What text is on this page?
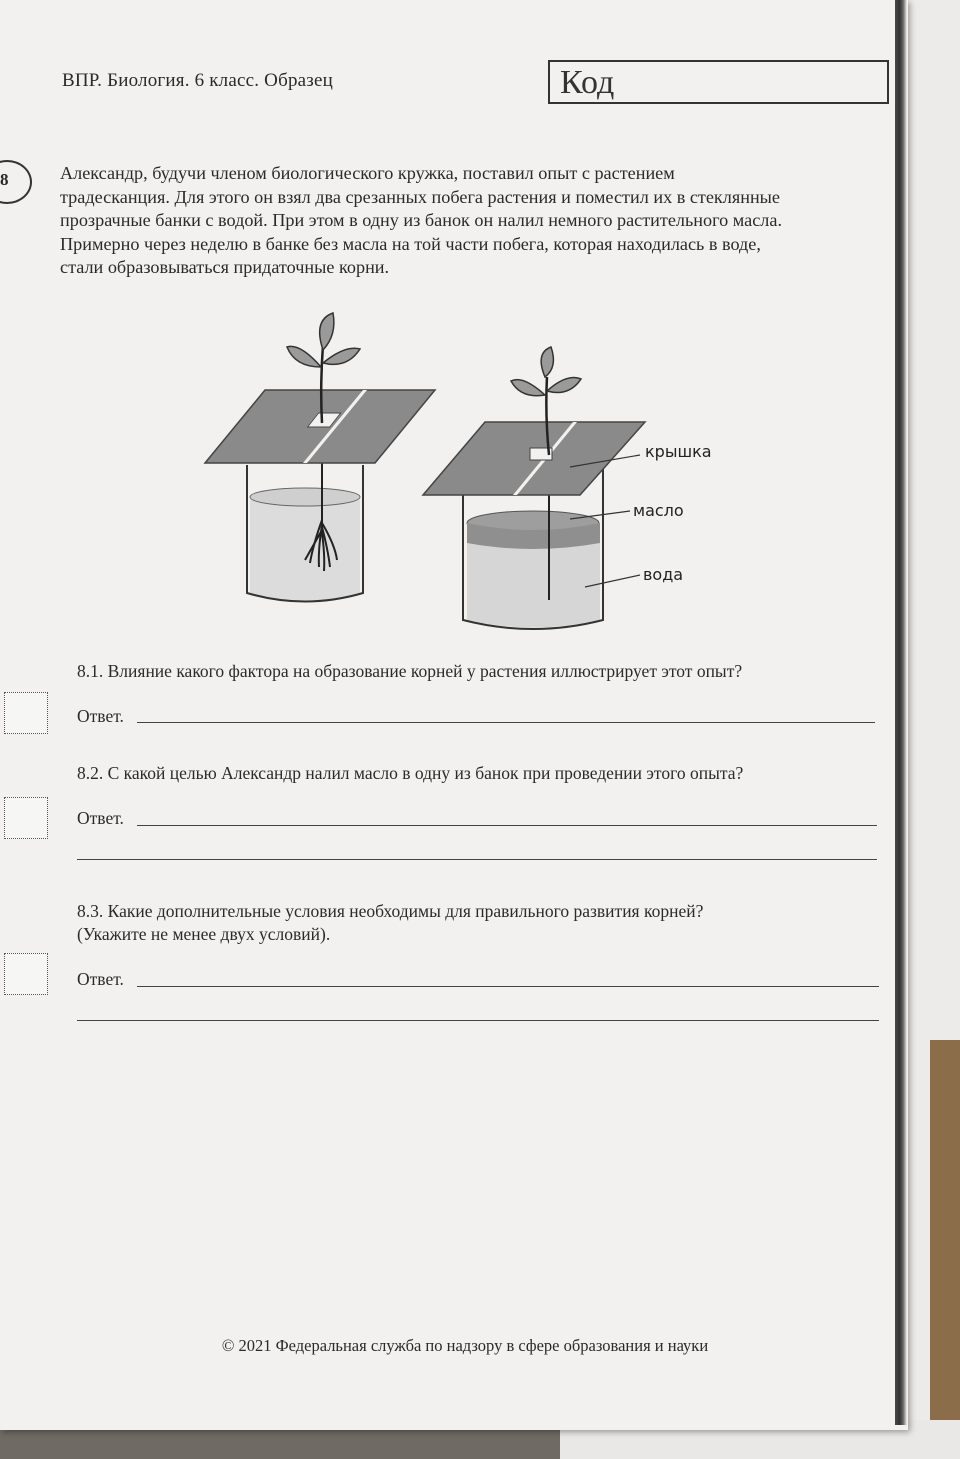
ВПР. Биология. 6 класс. Образец	Код
8	Александр, будучи членом биологического кружка, поставил опыт с растением
традесканция. Для этого он взял два срезанных побега растения и поместил их в стеклянные
прозрачные банки с водой. При этом в одну из банок он налил немного растительного масла.
Примерно через неделю в банке без масла на той части побега, которая находилась в воде,
стали образовываться придаточные корни.
крышка
масло
вода
8.1. Влияние какого фактора на образование корней у растения иллюстрирует этот опыт?
Ответ.
8.2. С какой целью Александр налил масло в одну из банок при проведении этого опыта?
Ответ.
8.3. Какие дополнительные условия необходимы для правильного развития корней?
(Укажите не менее двух условий).
Ответ.
© 2021 Федеральная служба по надзору в сфере образования и науки
